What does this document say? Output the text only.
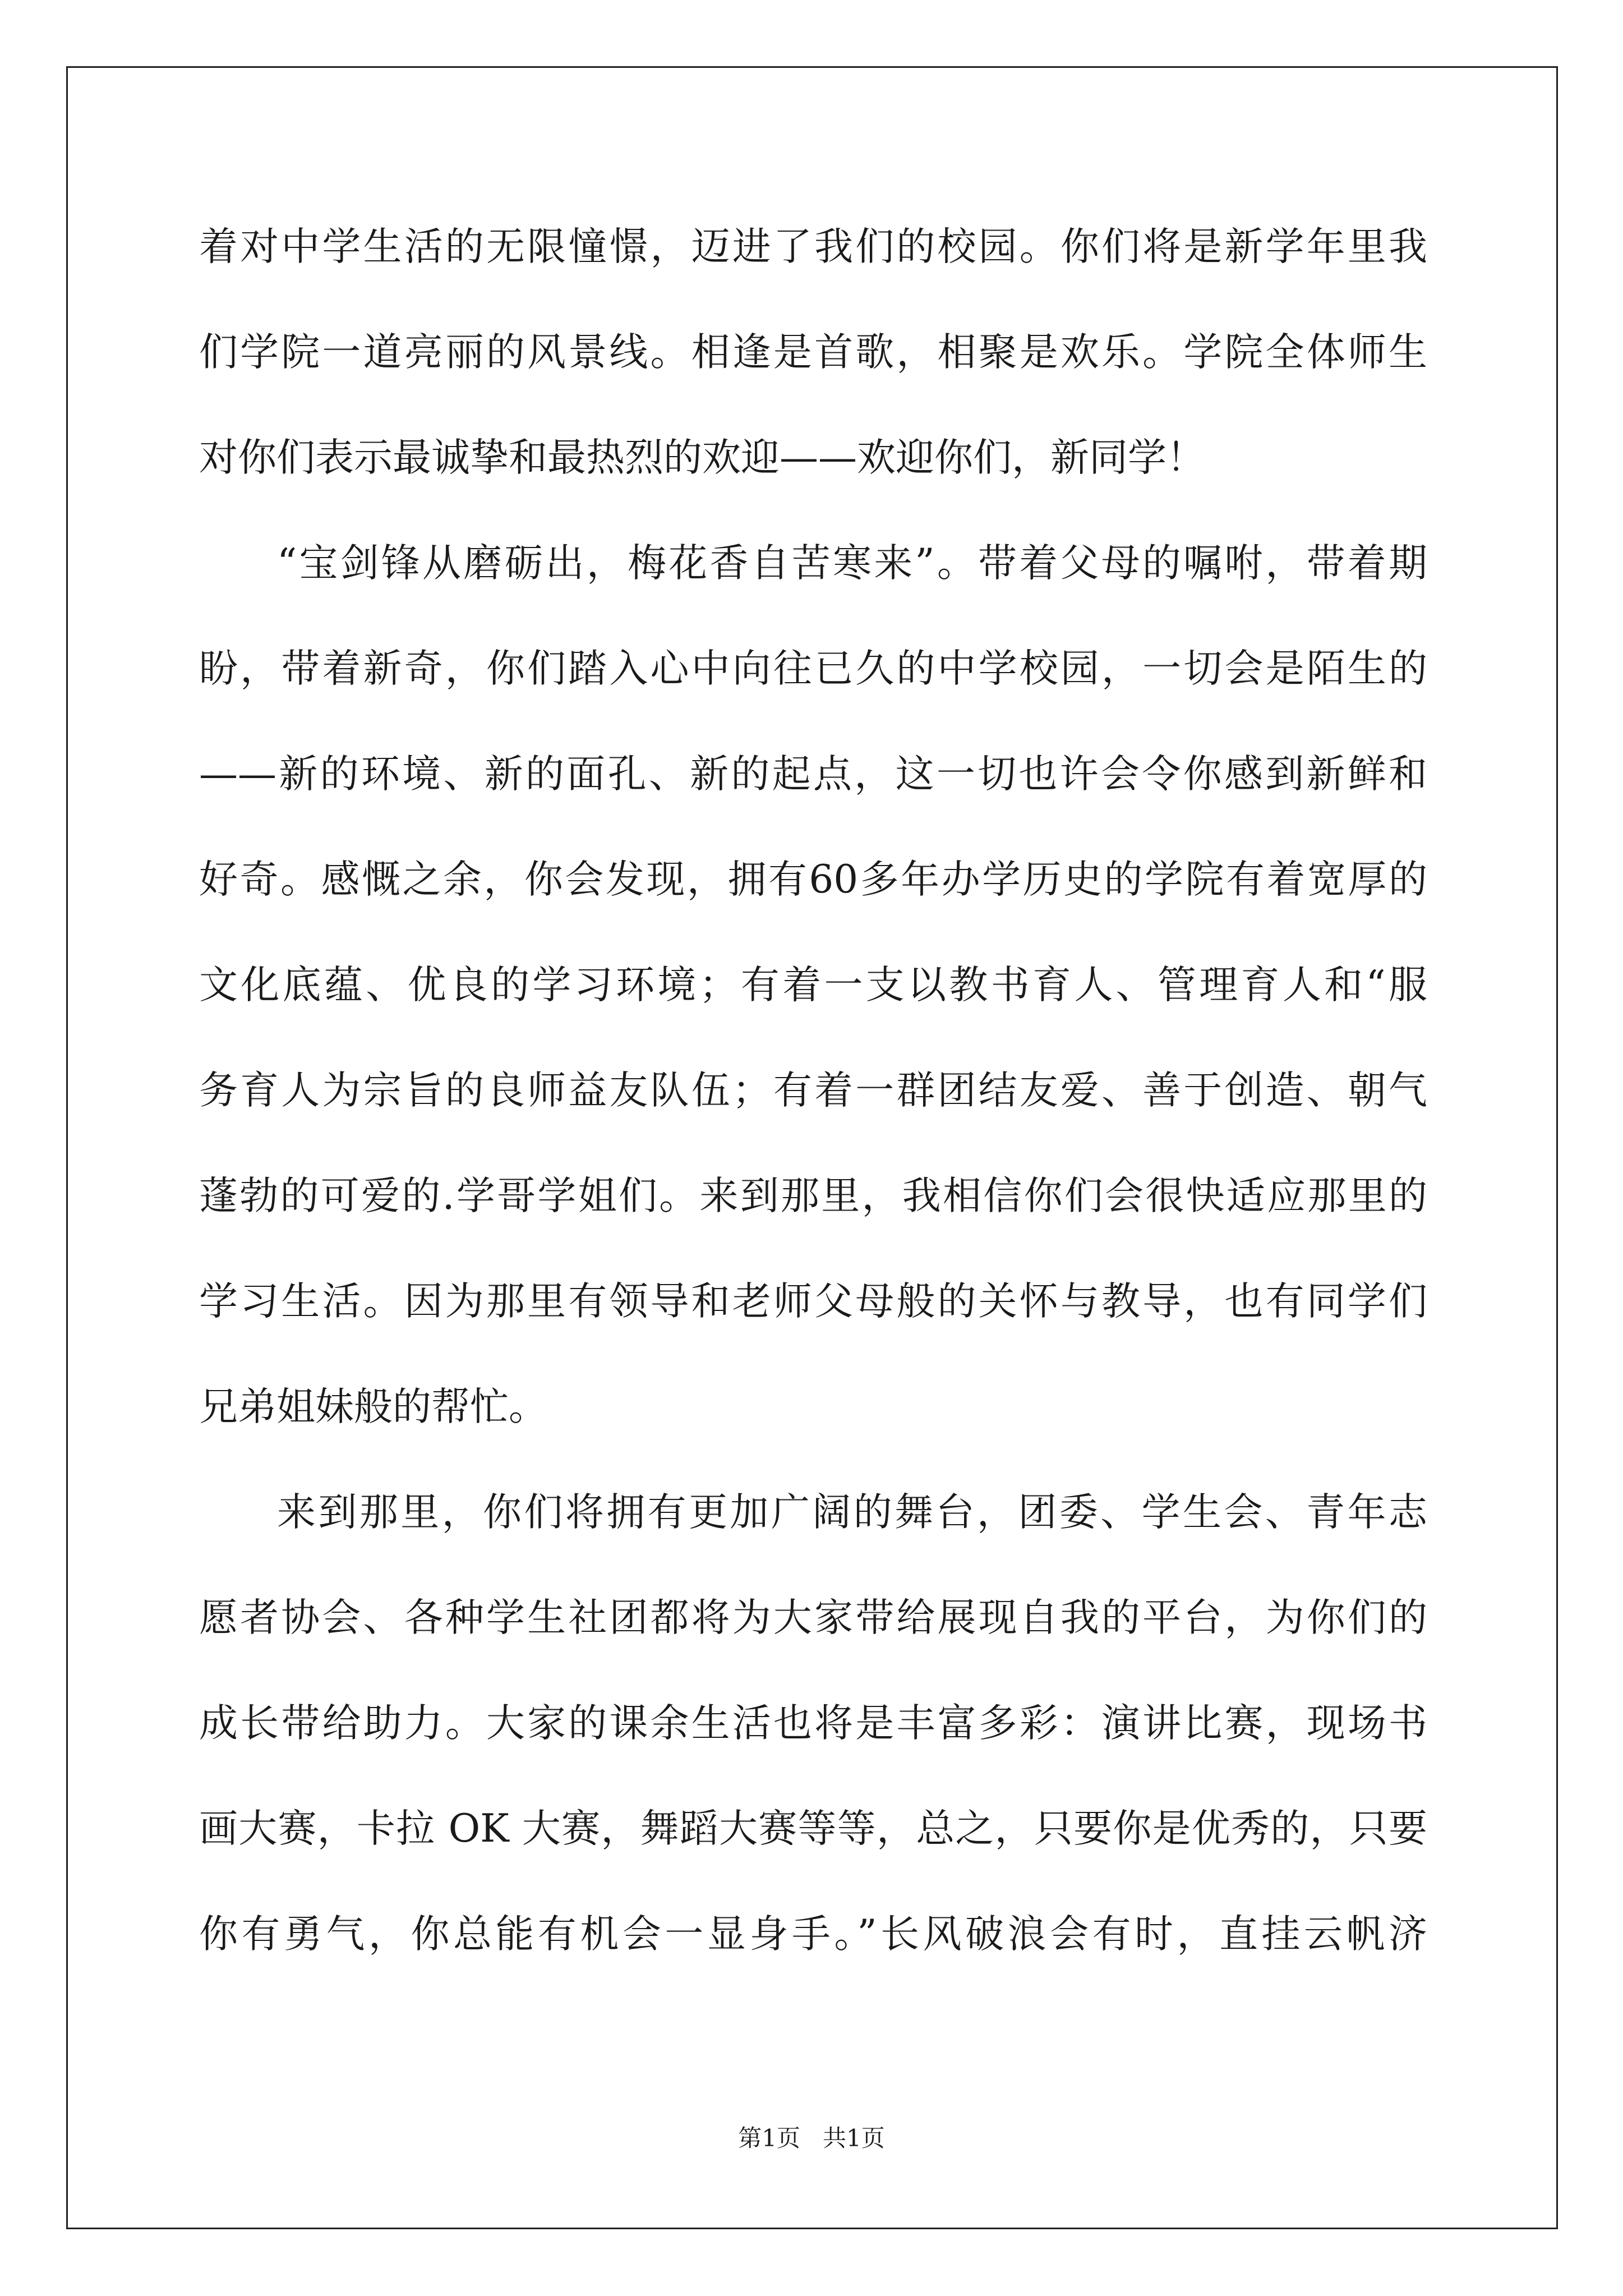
着对中学生活的无限憧憬，迈进了我们的校园。你们将是新学年里我
们学院一道亮丽的风景线。相逢是首歌，相聚是欢乐。学院全体师生
对你们表示最诚挚和最热烈的欢迎——欢迎你们，新同学！
“宝剑锋从磨砺出，梅花香自苦寒来”。带着父母的嘱咐，带着期
盼，带着新奇，你们踏入心中向往已久的中学校园，一切会是陌生的
——新的环境、新的面孔、新的起点，这一切也许会令你感到新鲜和
好奇。感慨之余，你会发现，拥有60多年办学历史的学院有着宽厚的
文化底蕴、优良的学习环境；有着一支以教书育人、管理育人和“服
务育人为宗旨的良师益友队伍；有着一群团结友爱、善于创造、朝气
蓬勃的可爱的.学哥学姐们。来到那里，我相信你们会很快适应那里的
学习生活。因为那里有领导和老师父母般的关怀与教导，也有同学们
兄弟姐妹般的帮忙。
来到那里，你们将拥有更加广阔的舞台，团委、学生会、青年志
愿者协会、各种学生社团都将为大家带给展现自我的平台，为你们的
成长带给助力。大家的课余生活也将是丰富多彩：演讲比赛，现场书
画大赛，卡拉 OK 大赛，舞蹈大赛等等，总之，只要你是优秀的，只要
你有勇气，你总能有机会一显身手。”长风破浪会有时，直挂云帆济
第1页 共1页
